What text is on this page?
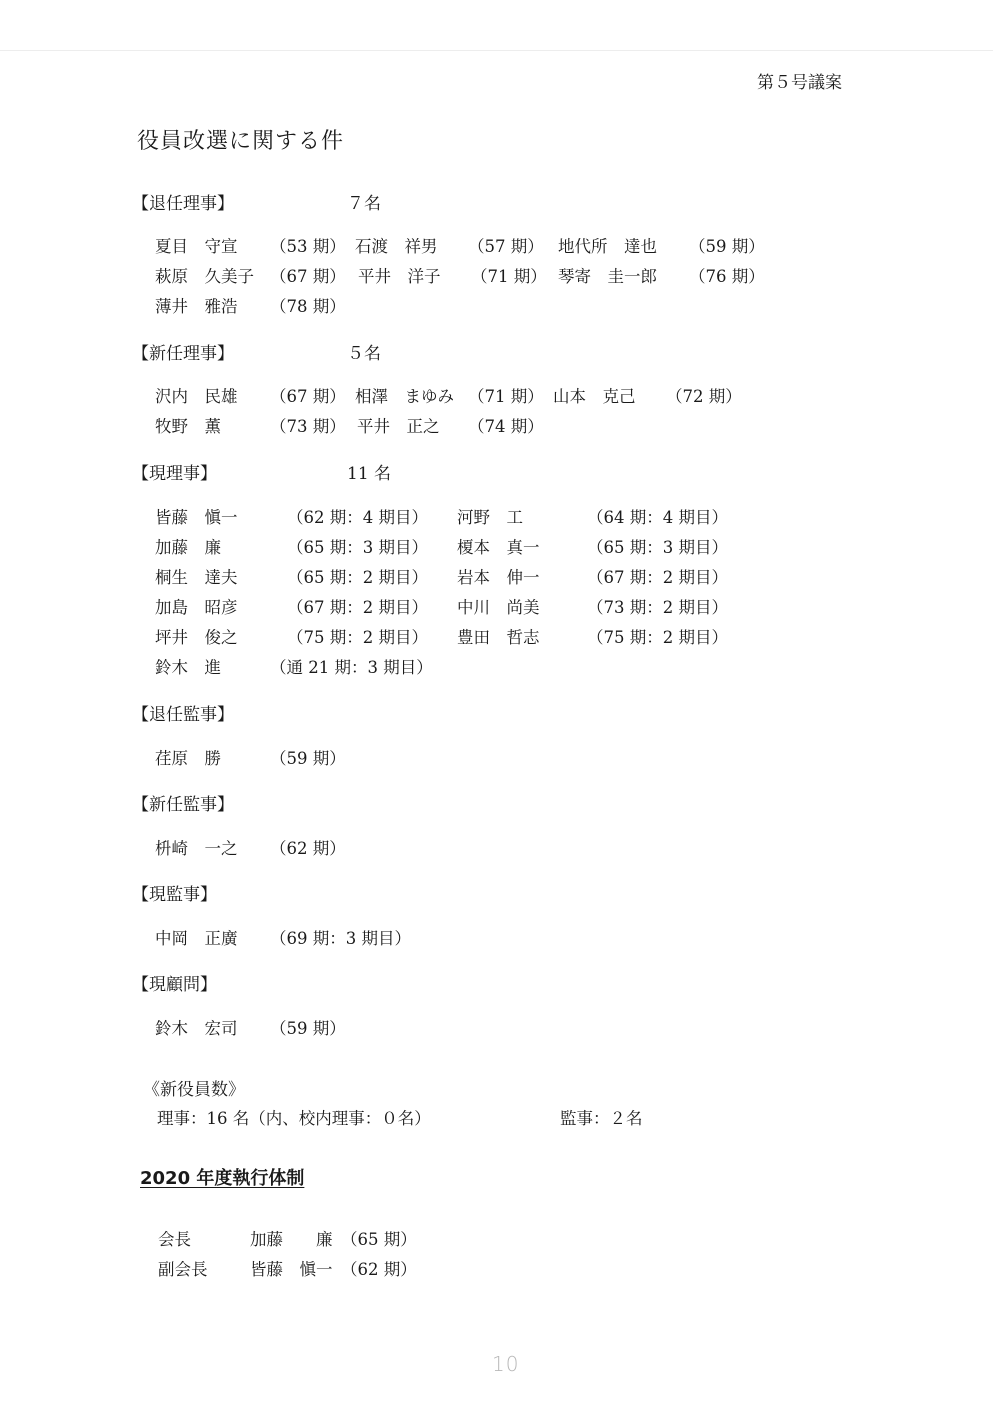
第５号議案
役員改選に関する件
【退任理事】	７名
夏目　守宣 （53 期） 石渡　祥男 （57 期） 地代所　達也 （59 期）
萩原　久美子 （67 期） 平井　洋子 （71 期） 琴寄　圭一郎 （76 期）
薄井　雅浩 （78 期）
【新任理事】	５名
沢内　民雄 （67 期） 相澤　まゆみ （71 期） 山本　克己 （72 期）
牧野　薫	（73 期） 平井　正之 （74 期）
【現理事】	11 名
皆藤　愼一	（62 期：4 期目） 河野　工	（64 期：4 期目）
加藤　廉	（65 期：3 期目） 榎本　真一	（65 期：3 期目）
桐生　達夫	（65 期：2 期目） 岩本　伸一	（67 期：2 期目）
加島　昭彦	（67 期：2 期目） 中川　尚美	（73 期：2 期目）
坪井　俊之	（75 期：2 期目） 豊田　哲志	（75 期：2 期目）
鈴木　進	（通 21 期：3 期目）
【退任監事】
荏原　勝	（59 期）
【新任監事】
枡崎　一之 （62 期）
【現監事】
中岡　正廣 （69 期：3 期目）
【現顧問】
鈴木　宏司 （59 期）
《新役員数》
理事：16 名（内、校内理事：０名）	監事：２名
2020 年度執行体制
会長	加藤　　廉 （65 期）
副会長	皆藤　愼一 （62 期）
10
